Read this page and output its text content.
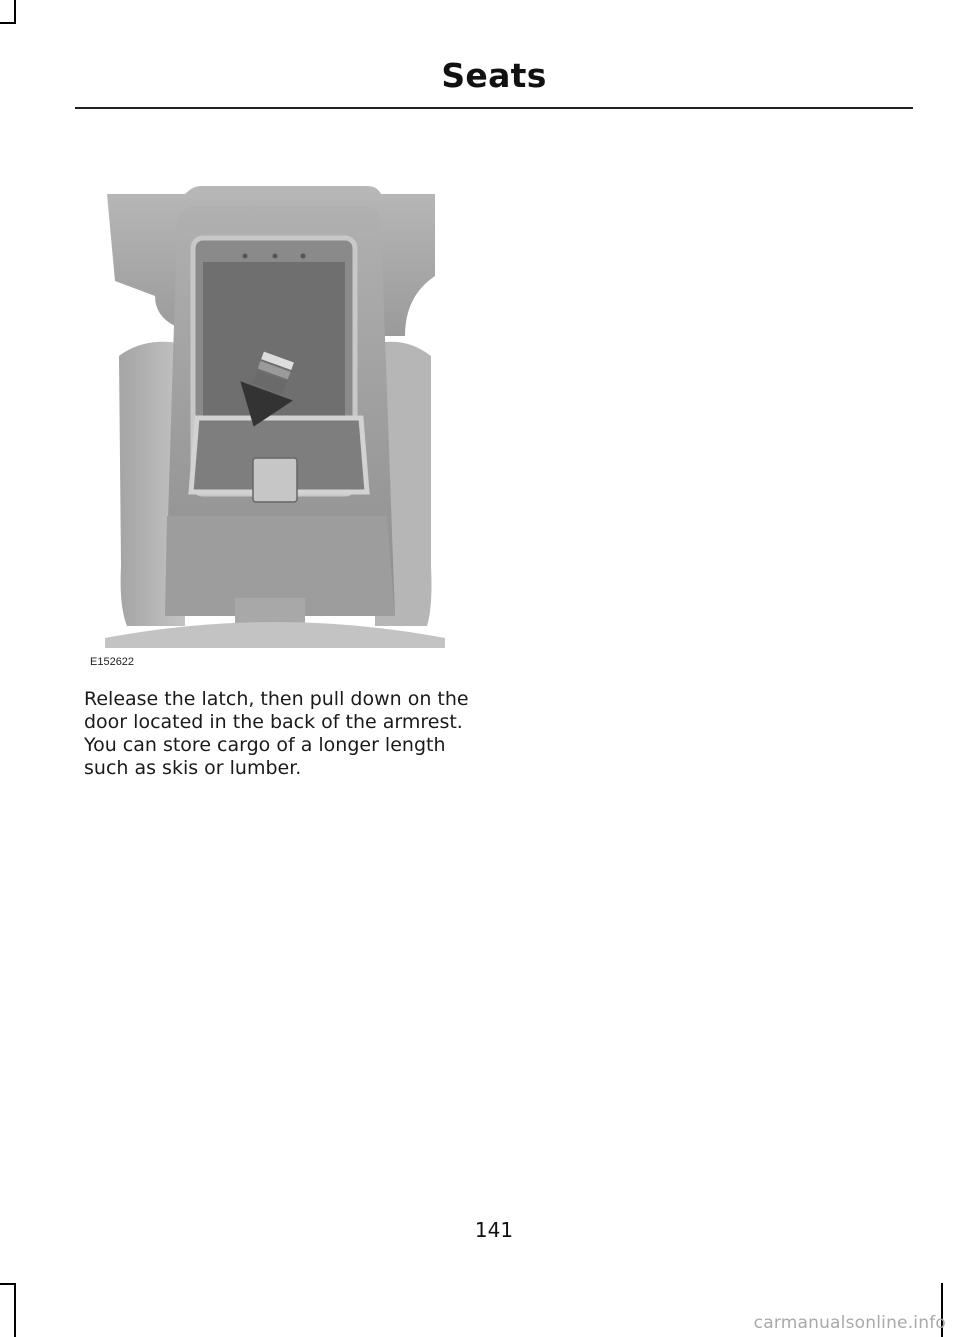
Seats
E152622

Release the latch, then pull down on the door located in the back of the armrest. You can store cargo of a longer length such as skis or lumber.

141
carmanualsonline.info
